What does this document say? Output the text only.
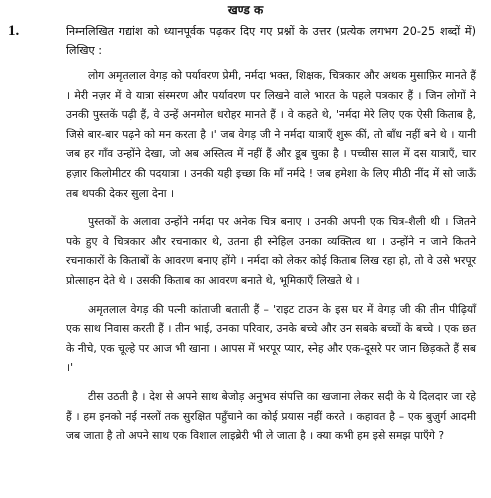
खण्ड क
1.	निम्नलिखित गद्यांश को ध्यानपूर्वक पढ़कर दिए गए प्रश्नों के उत्तर (प्रत्येक लगभग 20-25 शब्दों में) लिखिए :

लोग अमृतलाल वेगड़ को पर्यावरण प्रेमी, नर्मदा भक्त, शिक्षक, चित्रकार और अथक मुसाफ़िर मानते हैं । मेरी नज़र में वे यात्रा संस्मरण और पर्यावरण पर लिखने वाले भारत के पहले पत्रकार हैं । जिन लोगों ने उनकी पुस्तकें पढ़ी हैं, वे उन्हें अनमोल धरोहर मानते हैं । वे कहते थे, 'नर्मदा मेरे लिए एक ऐसी किताब है, जिसे बार-बार पढ़ने को मन करता है ।' जब वेगड़ जी ने नर्मदा यात्राएँ शुरू कीं, तो बाँध नहीं बने थे । यानी जब हर गाँव उन्होंने देखा, जो अब अस्तित्व में नहीं हैं और डूब चुका है । पच्चीस साल में दस यात्राएँ, चार हज़ार किलोमीटर की पदयात्रा । उनकी यही इच्छा कि माँ नर्मदे ! जब हमेशा के लिए मीठी नींद में सो जाऊँ तब थपकी देकर सुला देना ।

पुस्तकों के अलावा उन्होंने नर्मदा पर अनेक चित्र बनाए । उनकी अपनी एक चित्र-शैली थी । जितने पके हुए वे चित्रकार और रचनाकार थे, उतना ही स्नेहिल उनका व्यक्तित्व था । उन्होंने न जाने कितने रचनाकारों के किताबों के आवरण बनाए होंगे । नर्मदा को लेकर कोई किताब लिख रहा हो, तो वे उसे भरपूर प्रोत्साहन देते थे । उसकी किताब का आवरण बनाते थे, भूमिकाएँ लिखते थे ।

अमृतलाल वेगड़ की पत्नी कांताजी बताती हैं – 'राइट टाउन के इस घर में वेगड़ जी की तीन पीढ़ियाँ एक साथ निवास करती हैं । तीन भाई, उनका परिवार, उनके बच्चे और उन सबके बच्चों के बच्चे । एक छत के नीचे, एक चूल्हे पर आज भी खाना । आपस में भरपूर प्यार, स्नेह और एक-दूसरे पर जान छिड़कते हैं सब ।'

टीस उठती है । देश से अपने साथ बेजोड़ अनुभव संपत्ति का खजाना लेकर सदी के ये दिलदार जा रहे हैं । हम इनको नई नस्लों तक सुरक्षित पहुँचाने का कोई प्रयास नहीं करते । कहावत है – एक बुज़ुर्ग आदमी जब जाता है तो अपने साथ एक विशाल लाइब्रेरी भी ले जाता है । क्या कभी हम इसे समझ पाएँगे ?
